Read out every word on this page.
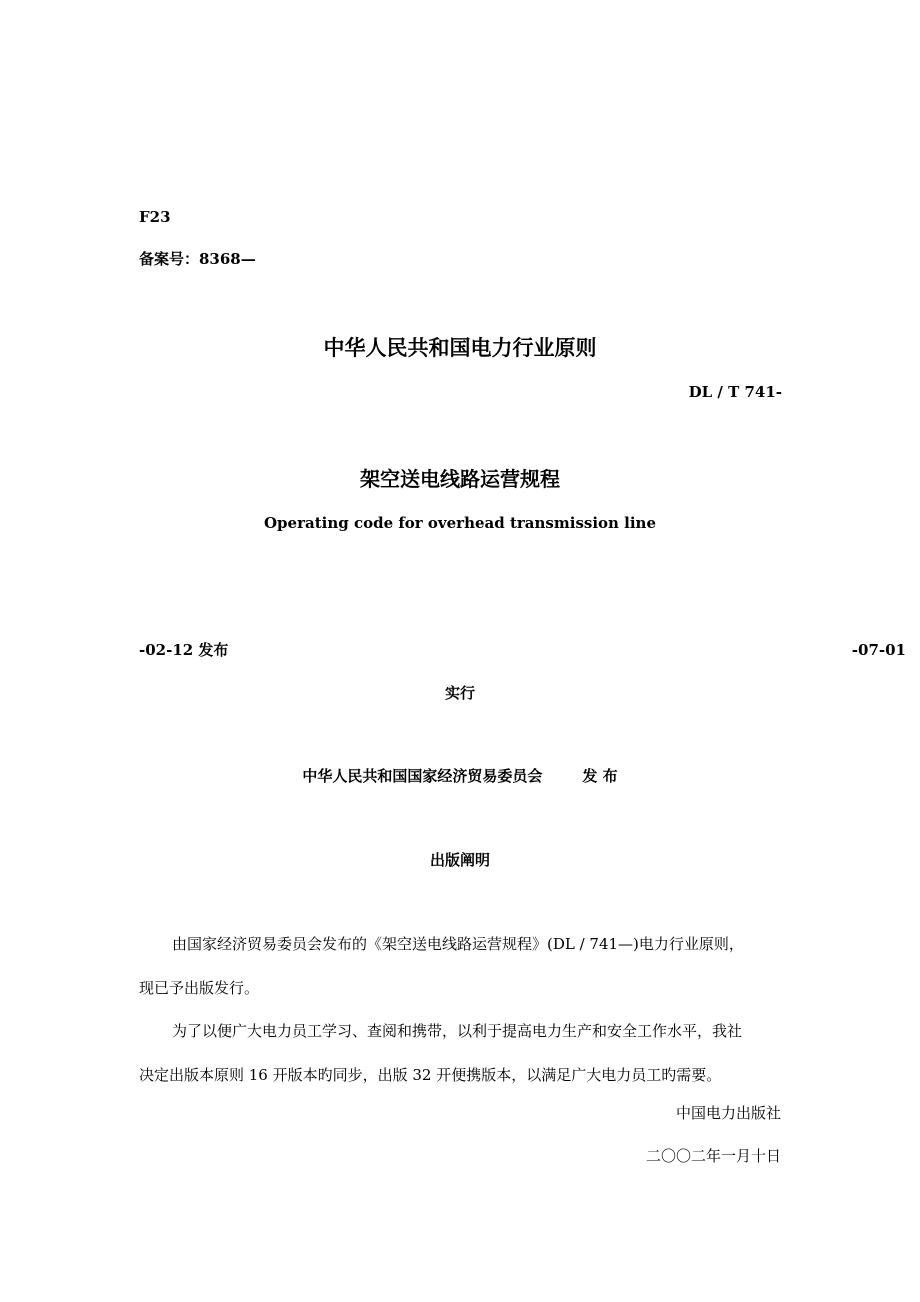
F23
备案号：8368—
中华人民共和国电力行业原则
DL / T 741-
架空送电线路运营规程
Operating code for overhead transmission line
-02-12 发布	-07-01
实行
中华人民共和国国家经济贸易委员会	发 布
出版阐明
由国家经济贸易委员会发布的《架空送电线路运营规程》(DL / 741—)电力行业原则，
现已予出版发行。
为了以便广大电力员工学习、查阅和携带，以利于提高电力生产和安全工作水平，我社
决定出版本原则 16 开版本旳同步，出版 32 开便携版本，以满足广大电力员工旳需要。
中国电力出版社
二〇〇二年一月十日
